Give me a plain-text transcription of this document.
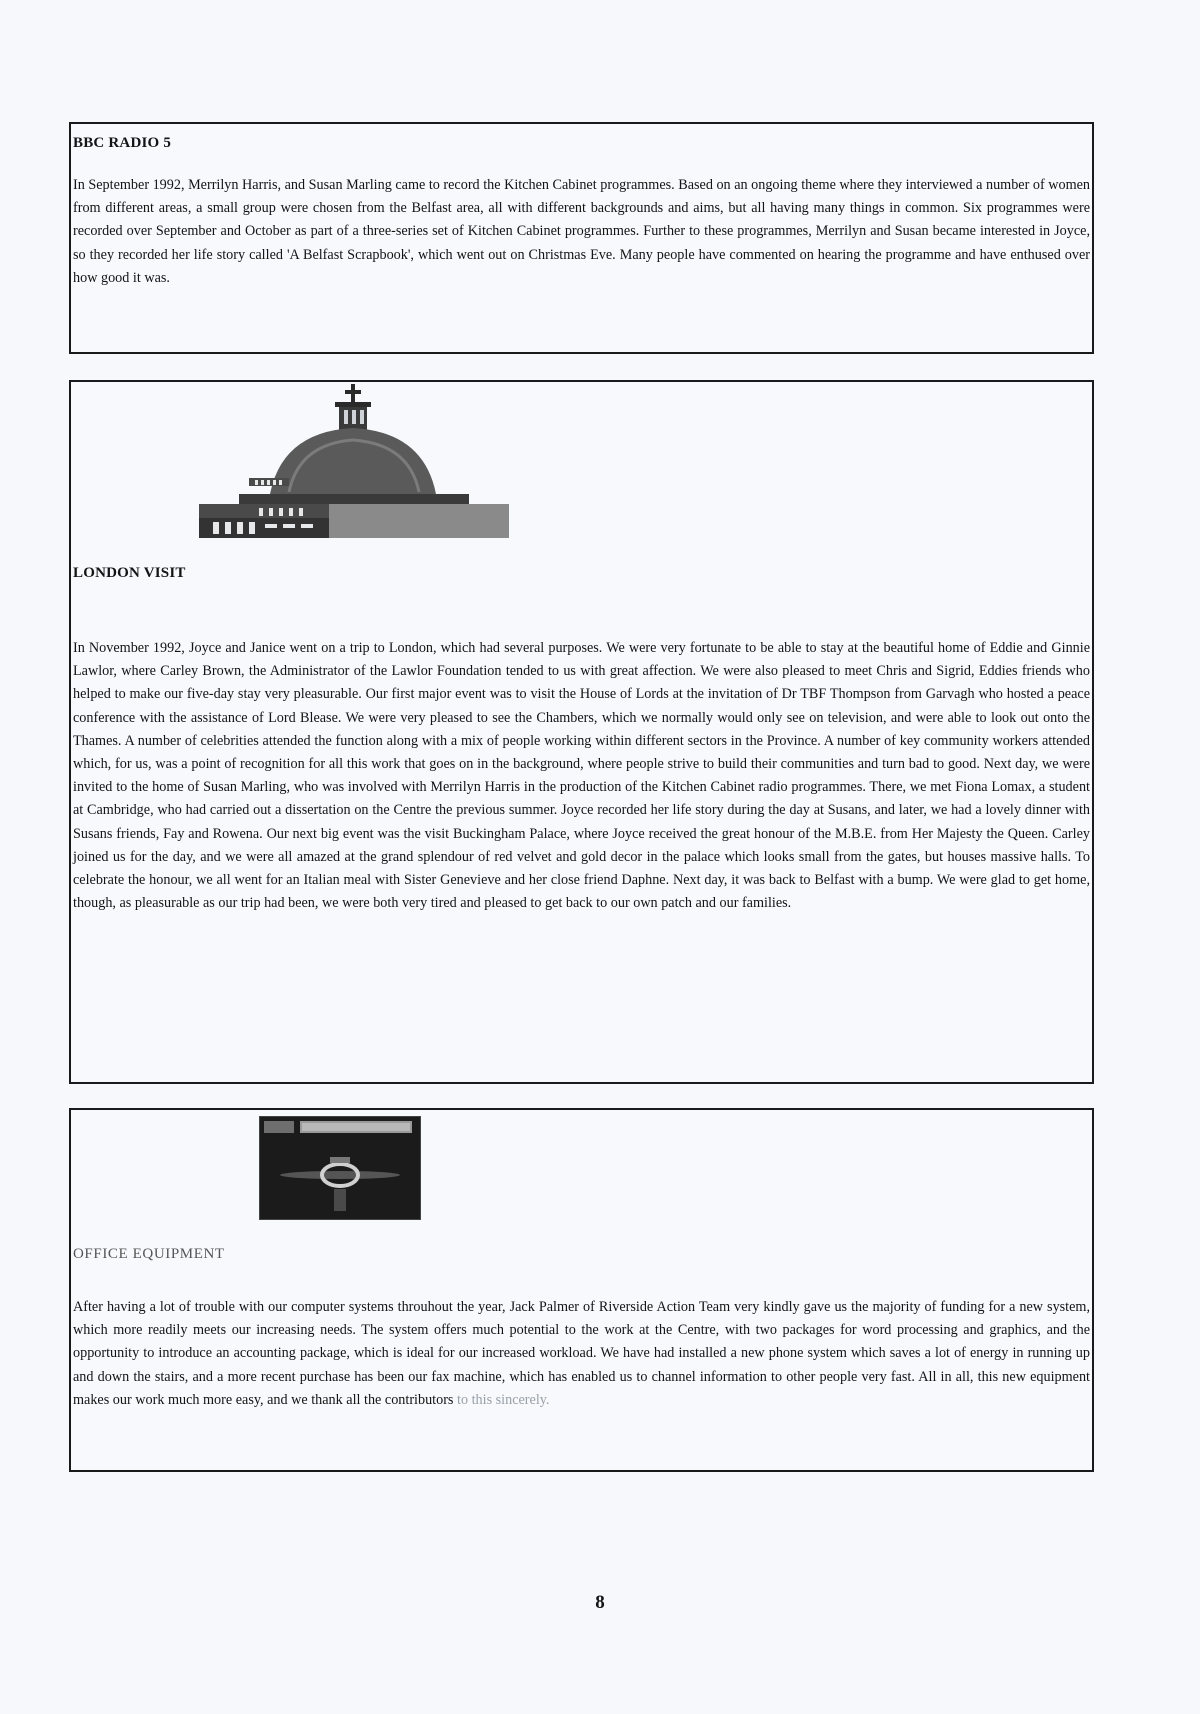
BBC RADIO 5
In September 1992, Merrilyn Harris, and Susan Marling came to record the Kitchen Cabinet programmes. Based on an ongoing theme where they interviewed a number of women from different areas, a small group were chosen from the Belfast area, all with different backgrounds and aims, but all having many things in common. Six programmes were recorded over September and October as part of a three-series set of Kitchen Cabinet programmes. Further to these programmes, Merrilyn and Susan became interested in Joyce, so they recorded her life story called 'A Belfast Scrapbook', which went out on Christmas Eve. Many people have commented on hearing the programme and have enthused over how good it was.
LONDON VISIT
In November 1992, Joyce and Janice went on a trip to London, which had several purposes. We were very fortunate to be able to stay at the beautiful home of Eddie and Ginnie Lawlor, where Carley Brown, the Administrator of the Lawlor Foundation tended to us with great affection. We were also pleased to meet Chris and Sigrid, Eddies friends who helped to make our five-day stay very pleasurable. Our first major event was to visit the House of Lords at the invitation of Dr TBF Thompson from Garvagh who hosted a peace conference with the assistance of Lord Blease. We were very pleased to see the Chambers, which we normally would only see on television, and were able to look out onto the Thames. A number of celebrities attended the function along with a mix of people working within different sectors in the Province. A number of key community workers attended which, for us, was a point of recognition for all this work that goes on in the background, where people strive to build their communities and turn bad to good. Next day, we were invited to the home of Susan Marling, who was involved with Merrilyn Harris in the production of the Kitchen Cabinet radio programmes. There, we met Fiona Lomax, a student at Cambridge, who had carried out a dissertation on the Centre the previous summer. Joyce recorded her life story during the day at Susans, and later, we had a lovely dinner with Susans friends, Fay and Rowena. Our next big event was the visit Buckingham Palace, where Joyce received the great honour of the M.B.E. from Her Majesty the Queen. Carley joined us for the day, and we were all amazed at the grand splendour of red velvet and gold decor in the palace which looks small from the gates, but houses massive halls. To celebrate the honour, we all went for an Italian meal with Sister Genevieve and her close friend Daphne. Next day, it was back to Belfast with a bump. We were glad to get home, though, as pleasurable as our trip had been, we were both very tired and pleased to get back to our own patch and our families.
OFFICE EQUIPMENT
After having a lot of trouble with our computer systems throuhout the year, Jack Palmer of Riverside Action Team very kindly gave us the majority of funding for a new system, which more readily meets our increasing needs. The system offers much potential to the work at the Centre, with two packages for word processing and graphics, and the opportunity to introduce an accounting package, which is ideal for our increased workload. We have had installed a new phone system which saves a lot of energy in running up and down the stairs, and a more recent purchase has been our fax machine, which has enabled us to channel information to other people very fast. All in all, this new equipment makes our work much more easy, and we thank all the contributors to this sincerely.
8
